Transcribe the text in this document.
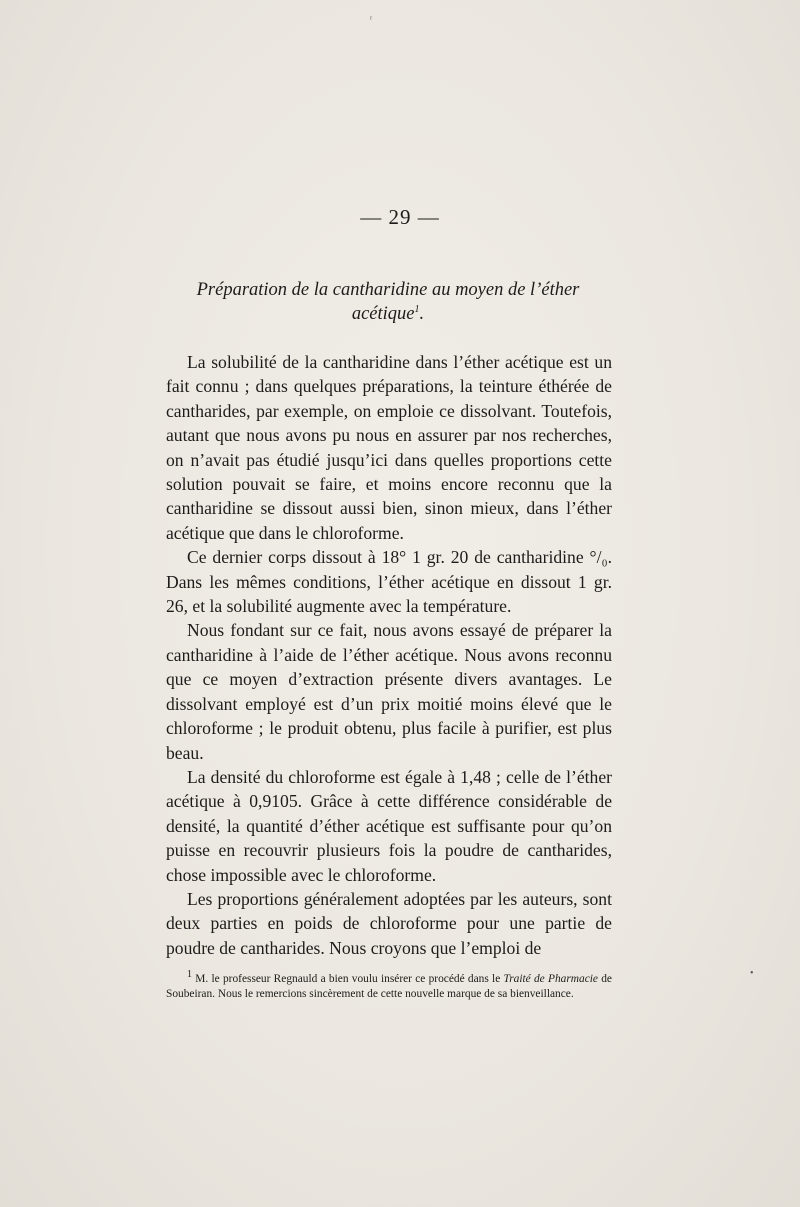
— 29 —
Préparation de la cantharidine au moyen de l’éther acétique$^1$.

La solubilité de la cantharidine dans l’éther acétique est un fait connu ; dans quelques préparations, la teinture éthérée de cantharides, par exemple, on emploie ce dissolvant. Toutefois, autant que nous avons pu nous en assurer par nos recherches, on n’avait pas étudié jusqu’ici dans quelles proportions cette solution pouvait se faire, et moins encore reconnu que la cantharidine se dissout aussi bien, sinon mieux, dans l’éther acétique que dans le chloroforme.

Ce dernier corps dissout à 18° 1 gr. 20 de cantharidine °/₀. Dans les mêmes conditions, l’éther acétique en dissout 1 gr. 26, et la solubilité augmente avec la température.

Nous fondant sur ce fait, nous avons essayé de préparer la cantharidine à l’aide de l’éther acétique. Nous avons reconnu que ce moyen d’extraction présente divers avantages. Le dissolvant employé est d’un prix moitié moins élevé que le chloroforme ; le produit obtenu, plus facile à purifier, est plus beau.

La densité du chloroforme est égale à 1,48 ; celle de l’éther acétique à 0,9105. Grâce à cette différence considérable de densité, la quantité d’éther acétique est suffisante pour qu’on puisse en recouvrir plusieurs fois la poudre de cantharides, chose impossible avec le chloroforme.

Les proportions généralement adoptées par les auteurs, sont deux parties en poids de chloroforme pour une partie de poudre de cantharides. Nous croyons que l’emploi de

1 M. le professeur Regnauld a bien voulu insérer ce procédé dans le Traité de Pharmacie de Soubeiran. Nous le remercions sincèrement de cette nouvelle marque de sa bienveillance.
ʳ
•
